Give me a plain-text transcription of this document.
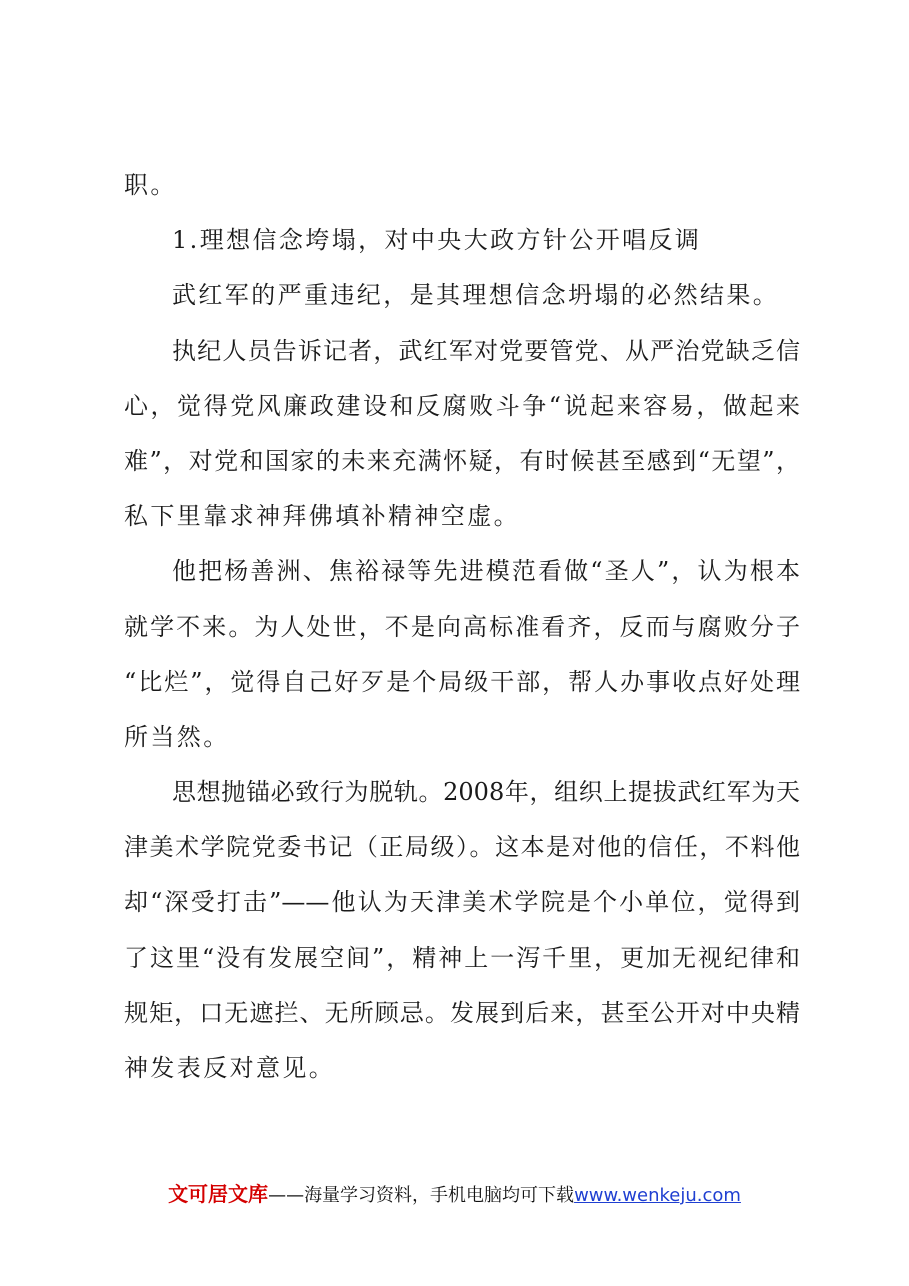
职。
1.理想信念垮塌，对中央大政方针公开唱反调
武红军的严重违纪，是其理想信念坍塌的必然结果。
执纪人员告诉记者，武红军对党要管党、从严治党缺乏信
心，觉得党风廉政建设和反腐败斗争“说起来容易，做起来
难”，对党和国家的未来充满怀疑，有时候甚至感到“无望”，
私下里靠求神拜佛填补精神空虚。
他把杨善洲、焦裕禄等先进模范看做“圣人”，认为根本
就学不来。为人处世，不是向高标准看齐，反而与腐败分子
“比烂”，觉得自己好歹是个局级干部，帮人办事收点好处理
所当然。
思想抛锚必致行为脱轨。2008年，组织上提拔武红军为天
津美术学院党委书记（正局级）。这本是对他的信任，不料他
却“深受打击”——他认为天津美术学院是个小单位，觉得到
了这里“没有发展空间”，精神上一泻千里，更加无视纪律和
规矩，口无遮拦、无所顾忌。发展到后来，甚至公开对中央精
神发表反对意见。
文可居文库——海量学习资料，手机电脑均可下载www.wenkeju.com
